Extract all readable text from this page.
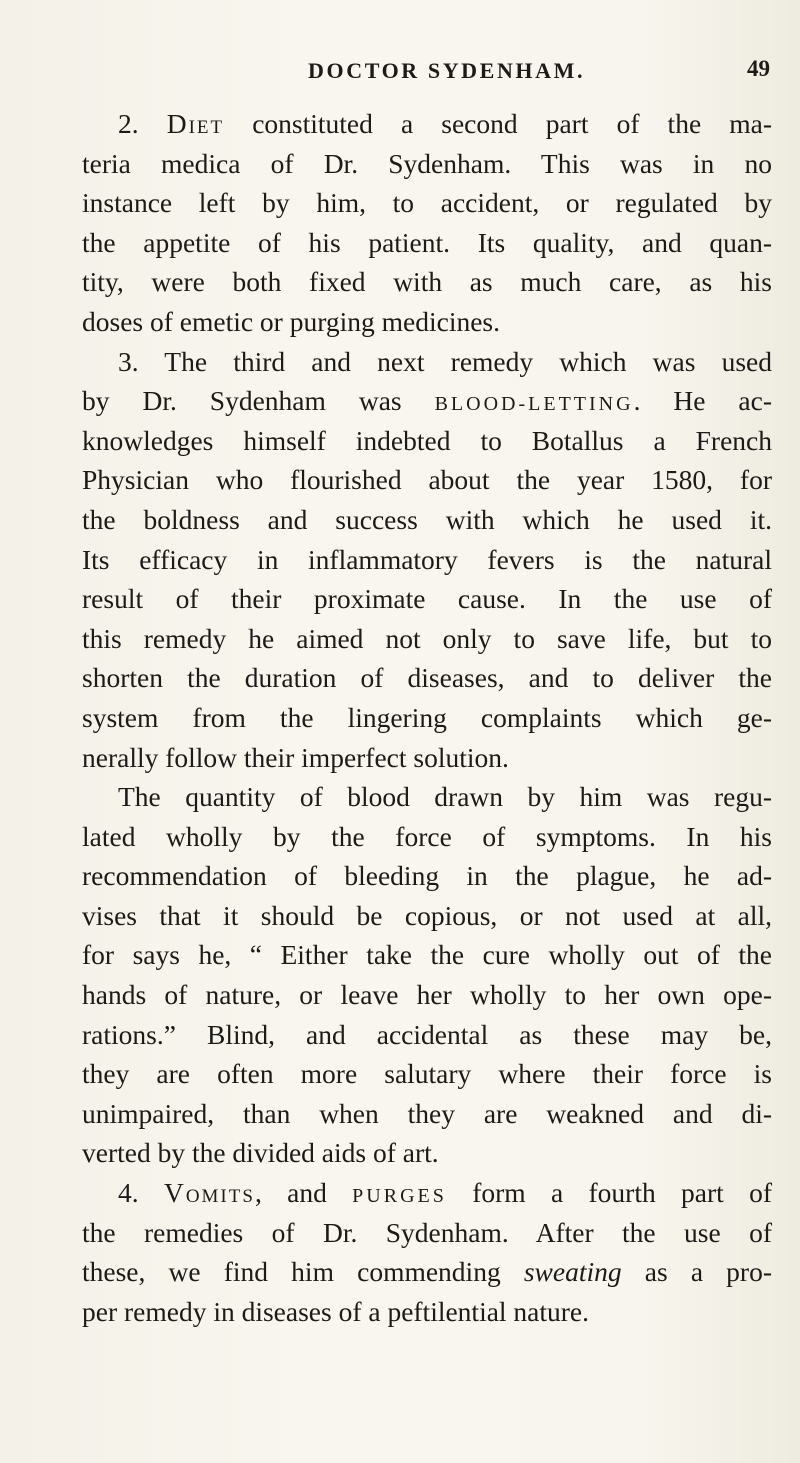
DOCTOR SYDENHAM.	49
2. Diet constituted a second part of the ma-
teria medica of Dr. Sydenham. This was in no
instance left by him, to accident, or regulated by
the appetite of his patient. Its quality, and quan-
tity, were both fixed with as much care, as his
doses of emetic or purging medicines.
3. The third and next remedy which was used
by Dr. Sydenham was BLOOD-LETTING. He ac-
knowledges himself indebted to Botallus a French
Physician who flourished about the year 1580, for
the boldness and success with which he used it.
Its efficacy in inflammatory fevers is the natural
result of their proximate cause. In the use of
this remedy he aimed not only to save life, but to
shorten the duration of diseases, and to deliver the
system from the lingering complaints which ge-
nerally follow their imperfect solution.
The quantity of blood drawn by him was regu-
lated wholly by the force of symptoms. In his
recommendation of bleeding in the plague, he ad-
vises that it should be copious, or not used at all,
for says he, “ Either take the cure wholly out of the
hands of nature, or leave her wholly to her own ope-
rations.” Blind, and accidental as these may be,
they are often more salutary where their force is
unimpaired, than when they are weakned and di-
verted by the divided aids of art.
4. Vomits, and PURGES form a fourth part of
the remedies of Dr. Sydenham. After the use of
these, we find him commending sweating as a pro-
per remedy in diseases of a peftilential nature.
